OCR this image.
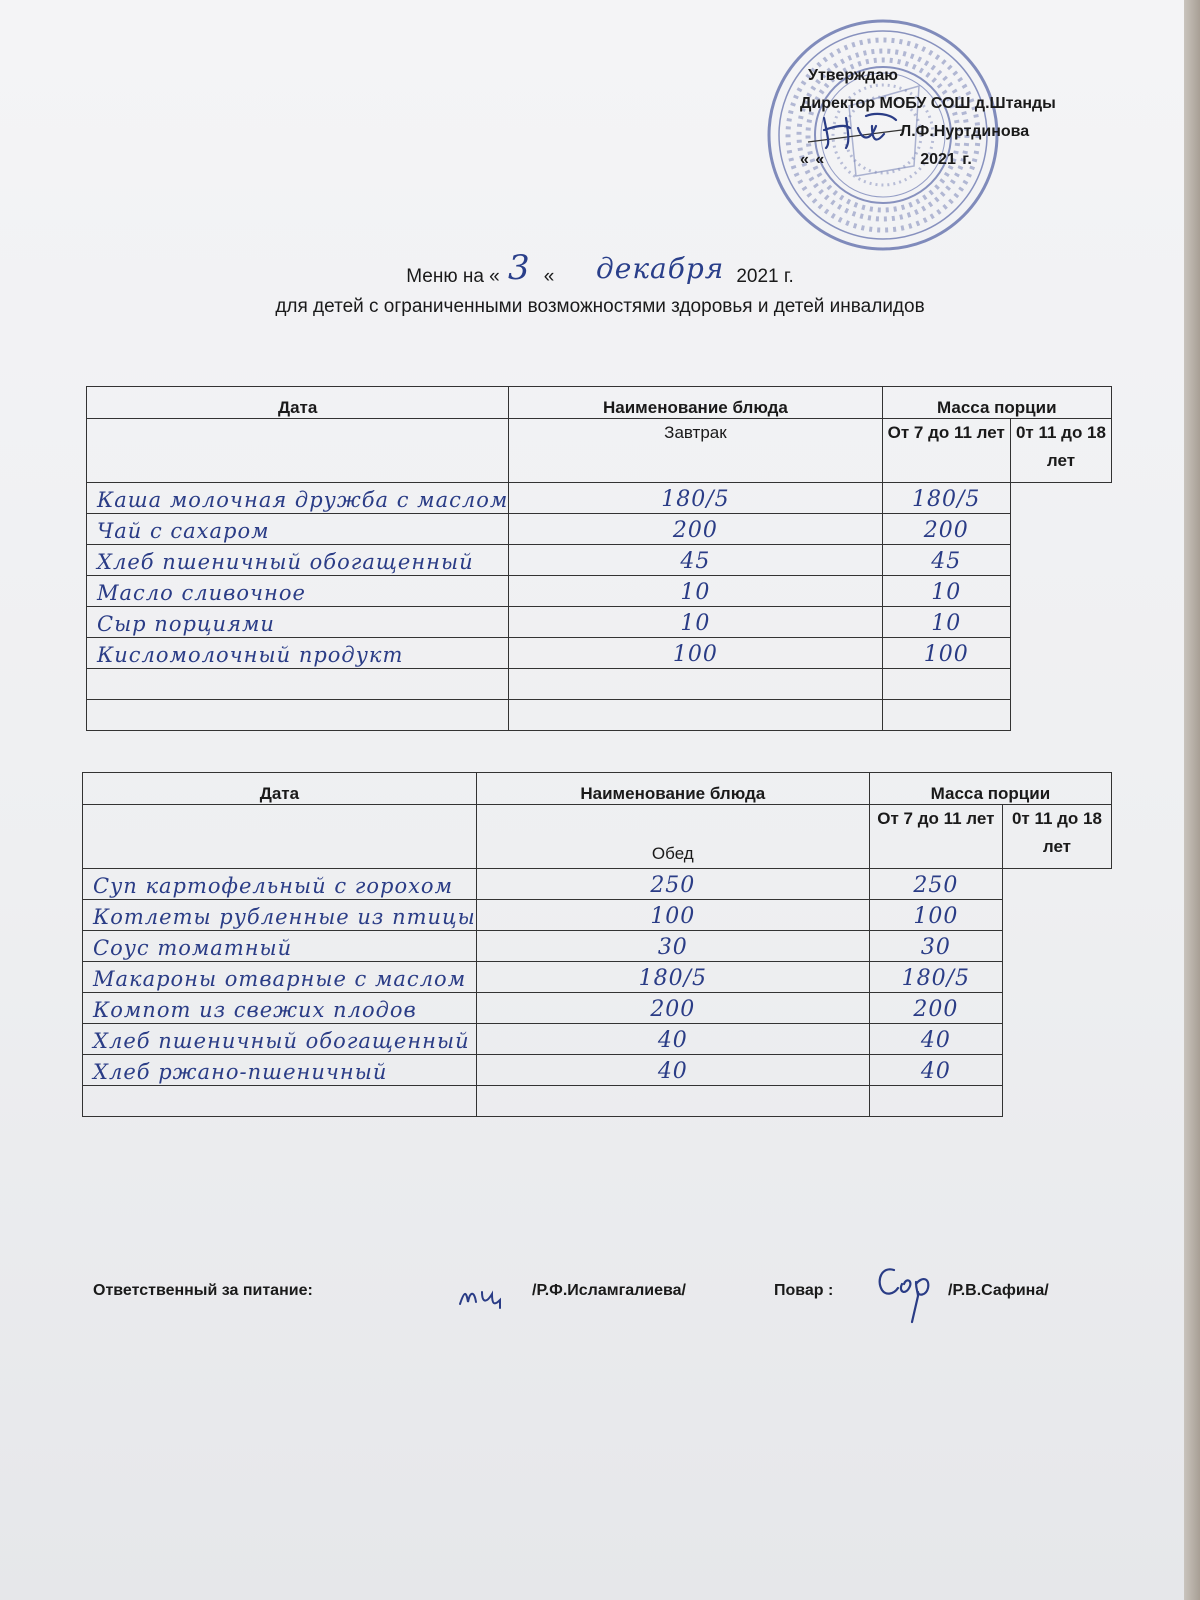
Утверждаю
Директор МОБУ СОШ д.Штанды
Л.Ф.Нуртдинова
« «	2021 г.
Меню на « «	2021 г.
3 декабря
для детей с ограниченными возможностями здоровья и детей инвалидов
Дата	Наименование блюда	Масса порции	
	Завтрак	От 7 до 11 лет	0т 11 до 18 лет
Каша молочная дружба с маслом	180/5	180/5	
Чай с сахаром	200	200	
Хлеб пшеничный обогащенный	45	45	
Масло сливочное	10	10	
Сыр порциями	10	10	
Кисломолочный продукт	100	100	

Дата	Наименование блюда	Масса порции	
	Обед	От 7 до 11 лет	0т 11 до 18 лет
Суп картофельный с горохом	250	250	
Котлеты рубленные из птицы	100	100	
Соус томатный	30	30	
Макароны отварные с маслом	180/5	180/5	
Компот из свежих плодов	200	200	
Хлеб пшеничный обогащенный	40	40	
Хлеб ржано-пшеничный	40	40	

Ответственный за питание:	/Р.Ф.Исламгалиева/	Повар :	/Р.В.Сафина/
